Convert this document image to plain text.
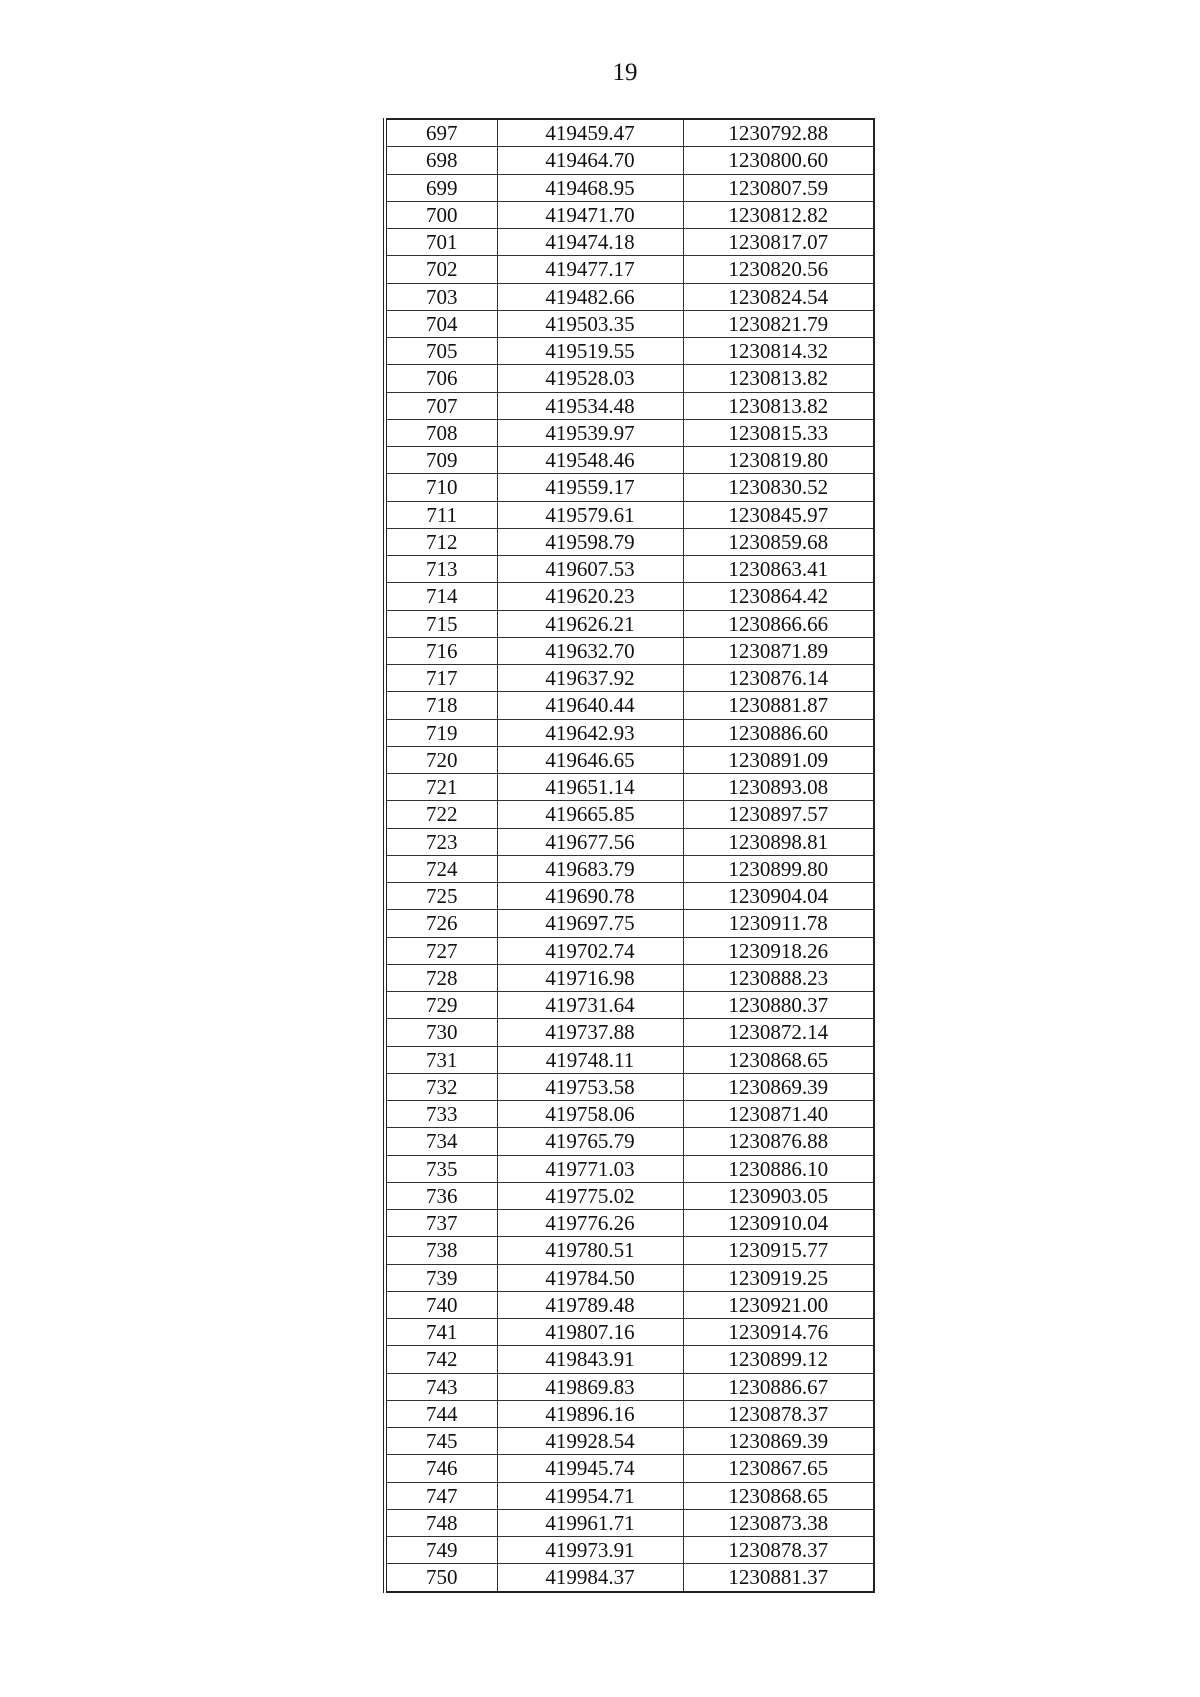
19
697	419459.47	1230792.88
698	419464.70	1230800.60
699	419468.95	1230807.59
700	419471.70	1230812.82
701	419474.18	1230817.07
702	419477.17	1230820.56
703	419482.66	1230824.54
704	419503.35	1230821.79
705	419519.55	1230814.32
706	419528.03	1230813.82
707	419534.48	1230813.82
708	419539.97	1230815.33
709	419548.46	1230819.80
710	419559.17	1230830.52
711	419579.61	1230845.97
712	419598.79	1230859.68
713	419607.53	1230863.41
714	419620.23	1230864.42
715	419626.21	1230866.66
716	419632.70	1230871.89
717	419637.92	1230876.14
718	419640.44	1230881.87
719	419642.93	1230886.60
720	419646.65	1230891.09
721	419651.14	1230893.08
722	419665.85	1230897.57
723	419677.56	1230898.81
724	419683.79	1230899.80
725	419690.78	1230904.04
726	419697.75	1230911.78
727	419702.74	1230918.26
728	419716.98	1230888.23
729	419731.64	1230880.37
730	419737.88	1230872.14
731	419748.11	1230868.65
732	419753.58	1230869.39
733	419758.06	1230871.40
734	419765.79	1230876.88
735	419771.03	1230886.10
736	419775.02	1230903.05
737	419776.26	1230910.04
738	419780.51	1230915.77
739	419784.50	1230919.25
740	419789.48	1230921.00
741	419807.16	1230914.76
742	419843.91	1230899.12
743	419869.83	1230886.67
744	419896.16	1230878.37
745	419928.54	1230869.39
746	419945.74	1230867.65
747	419954.71	1230868.65
748	419961.71	1230873.38
749	419973.91	1230878.37
750	419984.37	1230881.37
